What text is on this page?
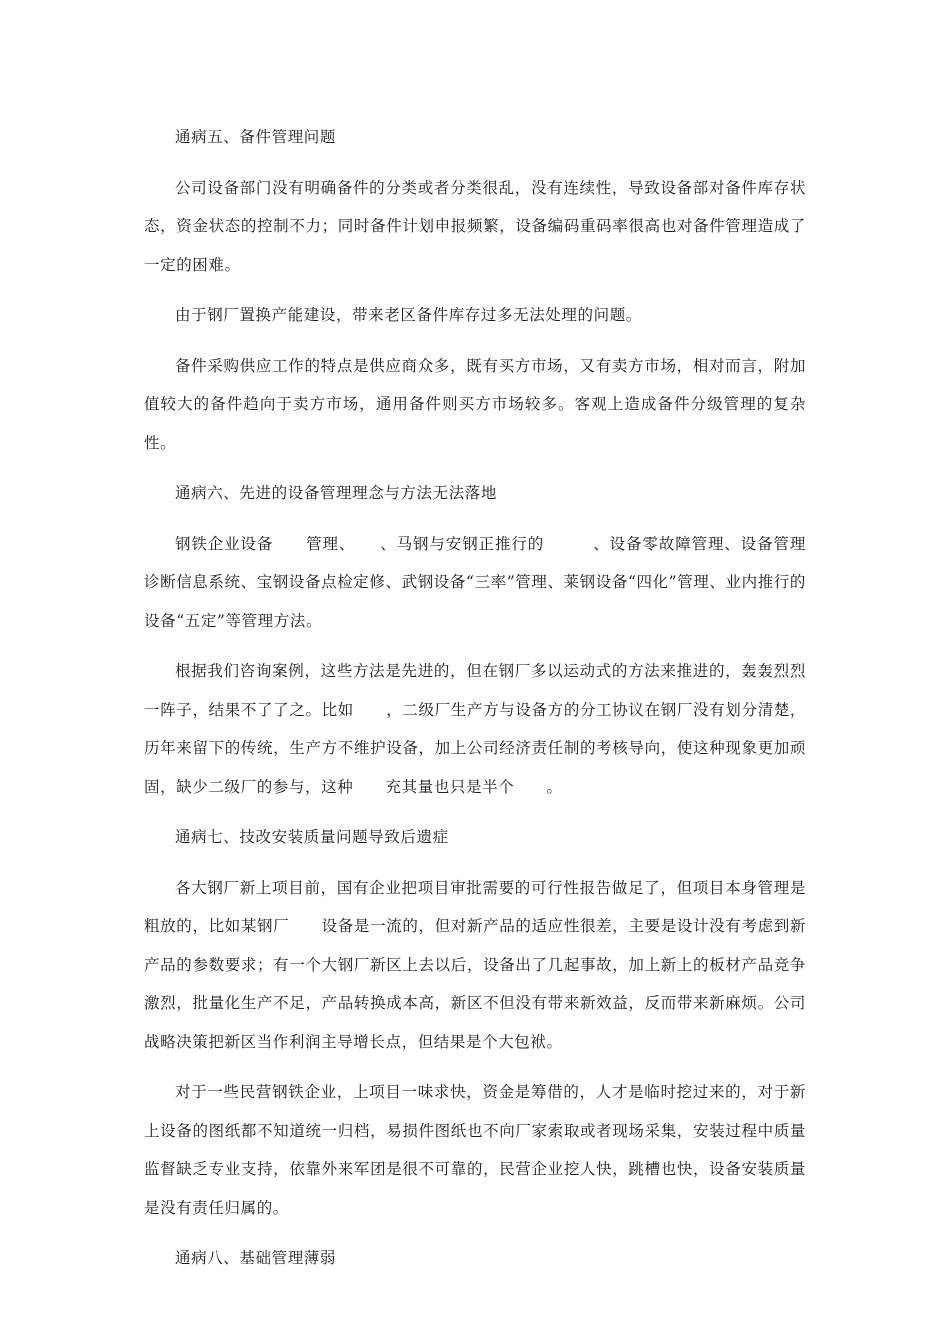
通病五、备件管理问题

公司设备部门没有明确备件的分类或者分类很乱，没有连续性，导致设备部对备件库存状态，资金状态的控制不力；同时备件计划申报频繁，设备编码重码率很高也对备件管理造成了一定的困难。

由于钢厂置换产能建设，带来老区备件库存过多无法处理的问题。

备件采购供应工作的特点是供应商众多，既有买方市场，又有卖方市场，相对而言，附加值较大的备件趋向于卖方市场，通用备件则买方市场较多。客观上造成备件分级管理的复杂性。

通病六、先进的设备管理理念与方法无法落地

钢铁企业设备　　管理、　　、马钢与安钢正推行的　　　、设备零故障管理、设备管理诊断信息系统、宝钢设备点检定修、武钢设备“三率”管理、莱钢设备“四化”管理、业内推行的设备“五定”等管理方法。

根据我们咨询案例，这些方法是先进的，但在钢厂多以运动式的方法来推进的，轰轰烈烈一阵子，结果不了了之。比如　　，二级厂生产方与设备方的分工协议在钢厂没有划分清楚，历年来留下的传统，生产方不维护设备，加上公司经济责任制的考核导向，使这种现象更加顽固，缺少二级厂的参与，这种　　充其量也只是半个　　。

通病七、技改安装质量问题导致后遗症

各大钢厂新上项目前，国有企业把项目审批需要的可行性报告做足了，但项目本身管理是粗放的，比如某钢厂　　设备是一流的，但对新产品的适应性很差，主要是设计没有考虑到新产品的参数要求；有一个大钢厂新区上去以后，设备出了几起事故，加上新上的板材产品竞争激烈，批量化生产不足，产品转换成本高，新区不但没有带来新效益，反而带来新麻烦。公司战略决策把新区当作利润主导增长点，但结果是个大包袱。

对于一些民营钢铁企业，上项目一味求快，资金是筹借的，人才是临时挖过来的，对于新上设备的图纸都不知道统一归档，易损件图纸也不向厂家索取或者现场采集，安装过程中质量监督缺乏专业支持，依靠外来军团是很不可靠的，民营企业挖人快，跳槽也快，设备安装质量是没有责任归属的。

通病八、基础管理薄弱
